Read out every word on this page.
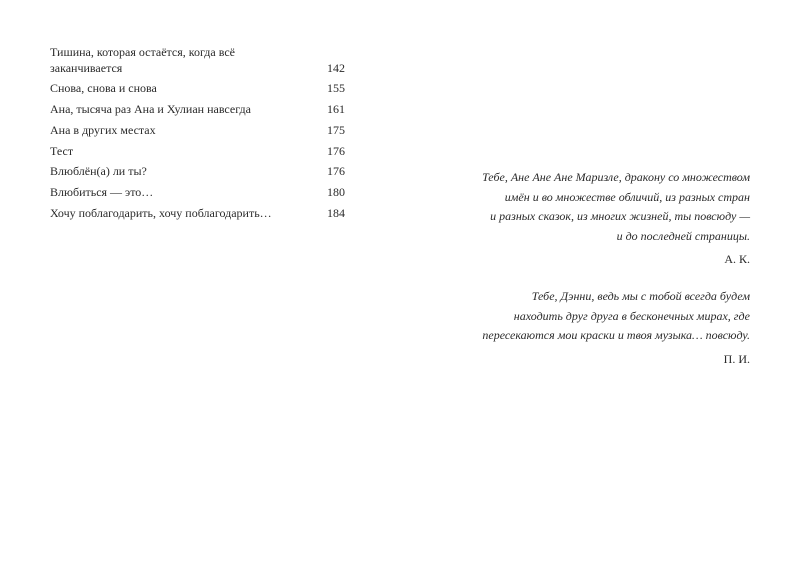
Тишина, которая остаётся, когда всё заканчивается	142
Снова, снова и снова	155
Ана, тысяча раз Ана и Хулиан навсегда	161
Ана в других местах	175
Тест	176
Влюблён(а) ли ты?	176
Влюбиться — это…	180
Хочу поблагодарить, хочу поблагодарить…	184

Тебе, Ане Ане Ане Маризле, дракону со множеством
имён и во множестве обличий, из разных стран
и разных сказок, из многих жизней, ты повсюду —
и до последней страницы.

А. К.

Тебе, Дэнни, ведь мы с тобой всегда будем
находить друг друга в бесконечных мирах, где
пересекаются мои краски и твоя музыка… повсюду.

П. И.
